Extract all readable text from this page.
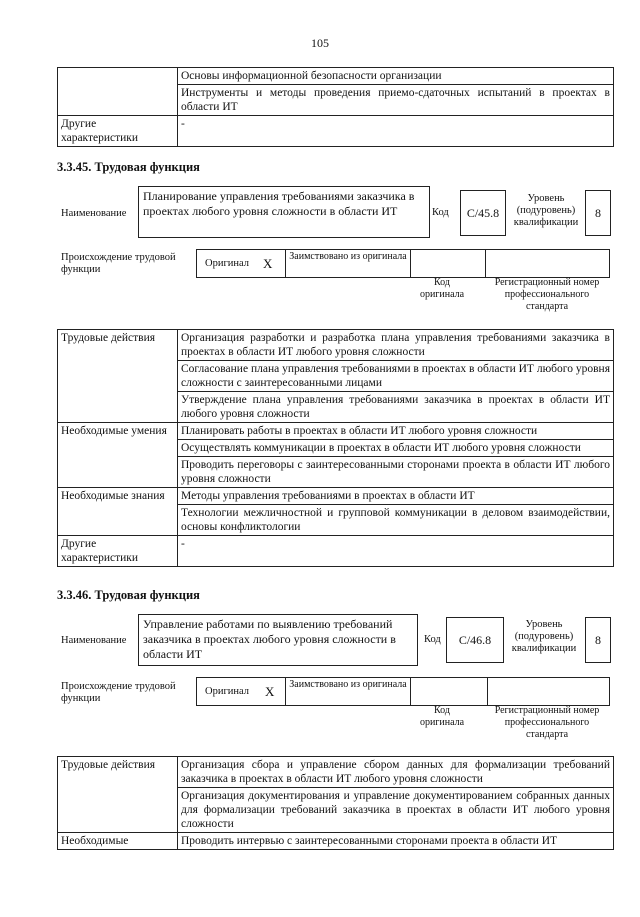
105
	Основы информационной безопасности организации
	Инструменты и методы проведения приемо-сдаточных испытаний в проектах в области ИТ
Другие характеристики	-
3.3.45. Трудовая функция
Наименование
Планирование управления требованиями заказчика в проектах любого уровня сложности в области ИТ	Код	C/45.8
Уровень (подуровень) квалификации
8
Происхождение трудовой функции
Оригинал X	Заимствовано из оригинала
Код оригинала
Регистрационный номер профессионального стандарта
Трудовые действия	Организация разработки и разработка плана управления требованиями заказчика в проектах в области ИТ любого уровня сложности
	Согласование плана управления требованиями в проектах в области ИТ любого уровня сложности с заинтересованными лицами
	Утверждение плана управления требованиями заказчика в проектах в области ИТ любого уровня сложности
Необходимые умения	Планировать работы в проектах в области ИТ любого уровня сложности
	Осуществлять коммуникации в проектах в области ИТ любого уровня сложности
	Проводить переговоры с заинтересованными сторонами проекта в области ИТ любого уровня сложности
Необходимые знания	Методы управления требованиями в проектах в области ИТ
	Технологии межличностной и групповой коммуникации в деловом взаимодействии, основы конфликтологии
Другие характеристики	-
3.3.46. Трудовая функция
Наименование
Управление работами по выявлению требований заказчика в проектах любого уровня сложности в области ИТ
Код	C/46.8
Уровень (подуровень) квалификации
8
Происхождение трудовой функции
Оригинал X	Заимствовано из оригинала
Код оригинала
Регистрационный номер профессионального стандарта
Трудовые действия	Организация сбора и управление сбором данных для формализации требований заказчика в проектах в области ИТ любого уровня сложности
	Организация документирования и управление документированием собранных данных для формализации требований заказчика в проектах в области ИТ любого уровня сложности
Необходимые	Проводить интервью с заинтересованными сторонами проекта в области ИТ
